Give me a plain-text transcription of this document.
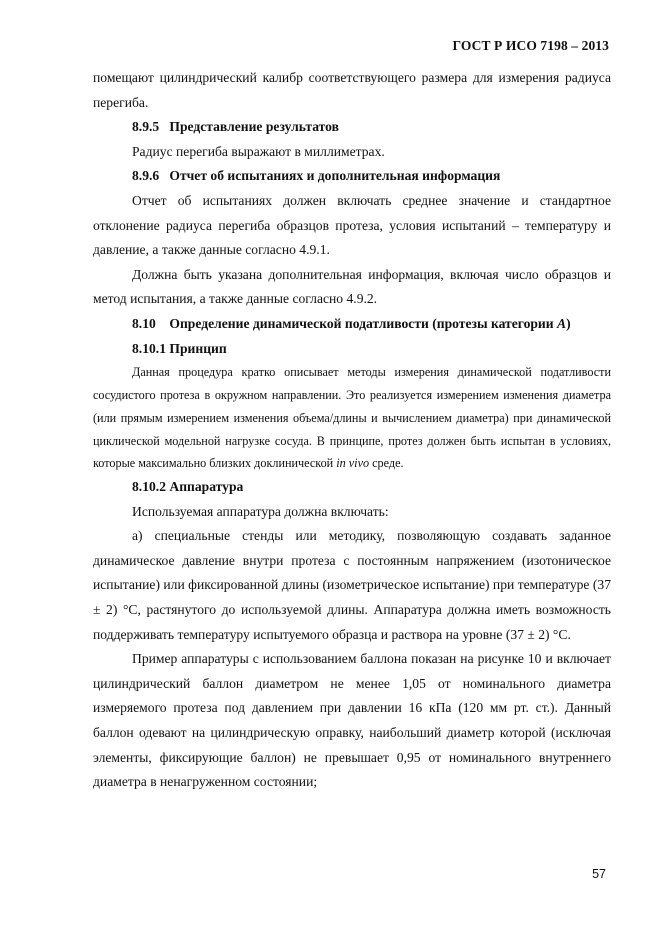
ГОСТ Р ИСО 7198 – 2013

помещают цилиндрический калибр соответствующего размера для измерения радиуса перегиба.

8.9.5 Представление результатов

Радиус перегиба выражают в миллиметрах.

8.9.6 Отчет об испытаниях и дополнительная информация

Отчет об испытаниях должен включать среднее значение и стандартное отклонение радиуса перегиба образцов протеза, условия испытаний – температуру и давление, а также данные согласно 4.9.1.

Должна быть указана дополнительная информация, включая число образцов и метод испытания, а также данные согласно 4.9.2.

8.10 Определение динамической податливости (протезы категории А)

8.10.1 Принцип

Данная процедура кратко описывает методы измерения динамической податливости сосудистого протеза в окружном направлении. Это реализуется измерением изменения диаметра (или прямым измерением изменения объема/длины и вычислением диаметра) при динамической циклической модельной нагрузке сосуда. В принципе, протез должен быть испытан в условиях, которые максимально близких доклинической in vivo среде.

8.10.2 Аппаратура

Используемая аппаратура должна включать:

а) специальные стенды или методику, позволяющую создавать заданное динамическое давление внутри протеза с постоянным напряжением (изотоническое испытание) или фиксированной длины (изометрическое испытание) при температуре (37 ± 2) °С, растянутого до используемой длины. Аппаратура должна иметь возможность поддерживать температуру испытуемого образца и раствора на уровне (37 ± 2) °С.

Пример аппаратуры с использованием баллона показан на рисунке 10 и включает цилиндрический баллон диаметром не менее 1,05 от номинального диаметра измеряемого протеза под давлением при давлении 16 кПа (120 мм рт. ст.). Данный баллон одевают на цилиндрическую оправку, наибольший диаметр которой (исключая элементы, фиксирующие баллон) не превышает 0,95 от номинального внутреннего диаметра в ненагруженном состоянии;

57
